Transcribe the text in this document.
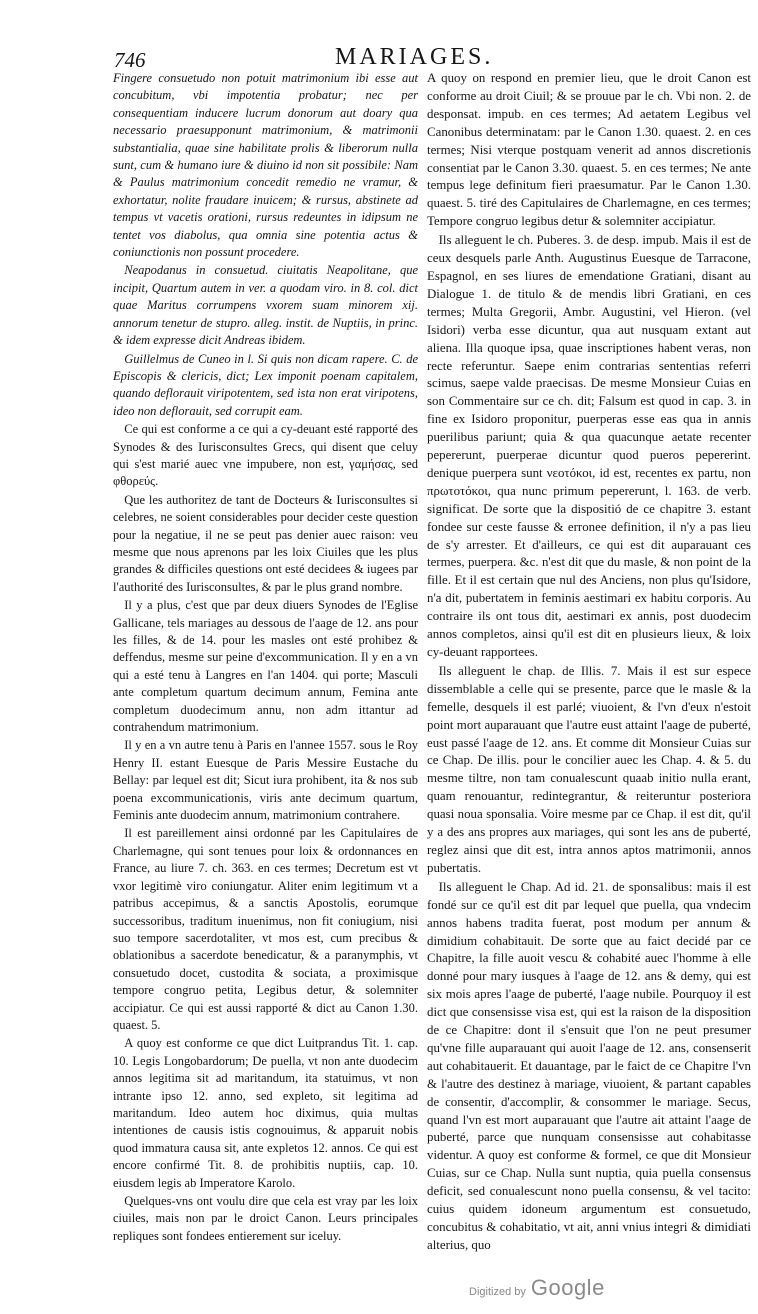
746	MARIAGES.

Fingere consuetudo non potuit matrimonium ibi esse aut concubitum, vbi impotentia probatur; nec per consequentiam inducere lucrum donorum aut doary qua necessario praesupponunt matrimonium, & matrimonii substantialia, quae sine habilitate prolis & liberorum nulla sunt, cum & humano iure & diuino id non sit possibile: Nam & Paulus matrimonium concedit remedio ne vramur, & exhortatur, nolite fraudare inuicem; & rursus, abstinete ad tempus vt vacetis orationi, rursus redeuntes in idipsum ne tentet vos diabolus, qua omnia sine potentia actus & coniunctionis non possunt procedere.

Neapodanus in consuetud. ciuitatis Neapolitane, que incipit, Quartum autem in ver. a quodam viro. in 8. col. dict quae Maritus corrumpens vxorem suam minorem xij. annorum tenetur de stupro. alleg. instit. de Nuptiis, in princ. & idem expresse dicit Andreas ibidem.

Guillelmus de Cuneo in l. Si quis non dicam rapere. C. de Episcopis & clericis, dict; Lex imponit poenam capitalem, quando deflorauit viripotentem, sed ista non erat viripotens, ideo non deflorauit, sed corrupit eam.

Ce qui est conforme a ce qui a cy-deuant esté rapporté des Synodes & des Iurisconsultes Grecs, qui disent que celuy qui s'est marié auec vne impubere, non est, γαμήσας, sed φθορεύς.

Que les authoritez de tant de Docteurs & Iurisconsultes si celebres, ne soient considerables pour decider ceste question pour la negatiue, il ne se peut pas denier auec raison: veu mesme que nous aprenons par les loix Ciuiles que les plus grandes & difficiles questions ont esté decidees & iugees par l'authorité des Iurisconsultes, & par le plus grand nombre.

Il y a plus, c'est que par deux diuers Synodes de l'Eglise Gallicane, tels mariages au dessous de l'aage de 12. ans pour les filles, & de 14. pour les masles ont esté prohibez & deffendus, mesme sur peine d'excommunication. Il y en a vn qui a esté tenu à Langres en l'an 1404. qui porte; Masculi ante completum quartum decimum annum, Femina ante completum duodecimum annu, non adm ittantur ad contrahendum matrimonium.

Il y en a vn autre tenu à Paris en l'annee 1557. sous le Roy Henry II. estant Euesque de Paris Messire Eustache du Bellay: par lequel est dit; Sicut iura prohibent, ita & nos sub poena excommunicationis, viris ante decimum quartum, Feminis ante duodecim annum, matrimonium contrahere.

Il est pareillement ainsi ordonné par les Capitulaires de Charlemagne, qui sont tenues pour loix & ordonnances en France, au liure 7. ch. 363. en ces termes; Decretum est vt vxor legitimè viro coniungatur. Aliter enim legitimum vt a patribus accepimus, & a sanctis Apostolis, eorumque successoribus, traditum inuenimus, non fit coniugium, nisi suo tempore sacerdotaliter, vt mos est, cum precibus & oblationibus a sacerdote benedicatur, & a paranymphis, vt consuetudo docet, custodita & sociata, a proximisque tempore congruo petita, Legibus detur, & solemniter accipiatur. Ce qui est aussi rapporté & dict au Canon 1.30. quaest. 5.

A quoy est conforme ce que dict Luitprandus Tit. 1. cap. 10. Legis Longobardorum; De puella, vt non ante duodecim annos legitima sit ad maritandum, ita statuimus, vt non intrante ipso 12. anno, sed expleto, sit legitima ad maritandum. Ideo autem hoc diximus, quia multas intentiones de causis istis cognouimus, & apparuit nobis quod immatura causa sit, ante expletos 12. annos. Ce qui est encore confirmé Tit. 8. de prohibitis nuptiis, cap. 10. eiusdem legis ab Imperatore Karolo.

Quelques-vns ont voulu dire que cela est vray par les loix ciuiles, mais non par le droict Canon. Leurs principales repliques sont fondees entierement sur iceluy.

A quoy on respond en premier lieu, que le droit Canon est conforme au droit Ciuil; & se prouue par le ch. Vbi non. 2. de desponsat. impub. en ces termes; Ad aetatem Legibus vel Canonibus determinatam: par le Canon 1.30. quaest. 2. en ces termes; Nisi vterque postquam venerit ad annos discretionis consentiat par le Canon 3.30. quaest. 5. en ces termes; Ne ante tempus lege definitum fieri praesumatur. Par le Canon 1.30. quaest. 5. tiré des Capitulaires de Charlemagne, en ces termes; Tempore congruo legibus detur & solemniter accipiatur.

Ils alleguent le ch. Puberes. 3. de desp. impub. Mais il est de ceux desquels parle Anth. Augustinus Euesque de Tarracone, Espagnol, en ses liures de emendatione Gratiani, disant au Dialogue 1. de titulo & de mendis libri Gratiani, en ces termes; Multa Gregorii, Ambr. Augustini, vel Hieron. (vel Isidori) verba esse dicuntur, qua aut nusquam extant aut aliena. Illa quoque ipsa, quae inscriptiones habent veras, non recte referuntur. Saepe enim contrarias sententias referri scimus, saepe valde praecisas. De mesme Monsieur Cuias en son Commentaire sur ce ch. dit; Falsum est quod in cap. 3. in fine ex Isidoro proponitur, puerperas esse eas qua in annis puerilibus pariunt; quia & qua quacunque aetate recenter pepererunt, puerperae dicuntur quod pueros pepererint. denique puerpera sunt νεοτόκοι, id est, recentes ex partu, non πρωτοτόκοι, qua nunc primum pepererunt, l. 163. de verb. significat. De sorte que la dispositió de ce chapitre 3. estant fondee sur ceste fausse & erronee definition, il n'y a pas lieu de s'y arrester. Et d'ailleurs, ce qui est dit auparauant ces termes, puerpera. &c. n'est dit que du masle, & non point de la fille. Et il est certain que nul des Anciens, non plus qu'Isidore, n'a dit, pubertatem in feminis aestimari ex habitu corporis. Au contraire ils ont tous dit, aestimari ex annis, post duodecim annos completos, ainsi qu'il est dit en plusieurs lieux, & loix cy-deuant rapportees.

Ils alleguent le chap. de Illis. 7. Mais il est sur espece dissemblable a celle qui se presente, parce que le masle & la femelle, desquels il est parlé; viuoient, & l'vn d'eux n'estoit point mort auparauant que l'autre eust attaint l'aage de puberté, eust passé l'aage de 12. ans. Et comme dit Monsieur Cuias sur ce Chap. De illis. pour le concilier auec les Chap. 4. & 5. du mesme tiltre, non tam conualescunt quaab initio nulla erant, quam renouantur, redintegrantur, & reiteruntur posteriora quasi noua sponsalia. Voire mesme par ce Chap. il est dit, qu'il y a des ans propres aux mariages, qui sont les ans de puberté, reglez ainsi que dit est, intra annos aptos matrimonii, annos pubertatis.

Ils alleguent le Chap. Ad id. 21. de sponsalibus: mais il est fondé sur ce qu'il est dit par lequel que puella, qua vndecim annos habens tradita fuerat, post modum per annum & dimidium cohabitauit. De sorte que au faict decidé par ce Chapitre, la fille auoit vescu & cohabité auec l'homme à elle donné pour mary iusques à l'aage de 12. ans & demy, qui est six mois apres l'aage de puberté, l'aage nubile. Pourquoy il est dict que consensisse visa est, qui est la raison de la disposition de ce Chapitre: dont il s'ensuit que l'on ne peut presumer qu'vne fille auparauant qui auoit l'aage de 12. ans, consenserit aut cohabitauerit. Et dauantage, par le faict de ce Chapitre l'vn & l'autre des destinez à mariage, viuoient, & partant capables de consentir, d'accomplir, & consommer le mariage. Secus, quand l'vn est mort auparauant que l'autre ait attaint l'aage de puberté, parce que nunquam consensisse aut cohabitasse videntur. A quoy est conforme & formel, ce que dit Monsieur Cuias, sur ce Chap. Nulla sunt nuptia, quia puella consensus deficit, sed conualescunt nono puella consensu, & vel tacito: cuius quidem idoneum argumentum est consuetudo, concubitus & cohabitatio, vt ait, anni vnius integri & dimidiati alterius, quo

Digitized by Google
